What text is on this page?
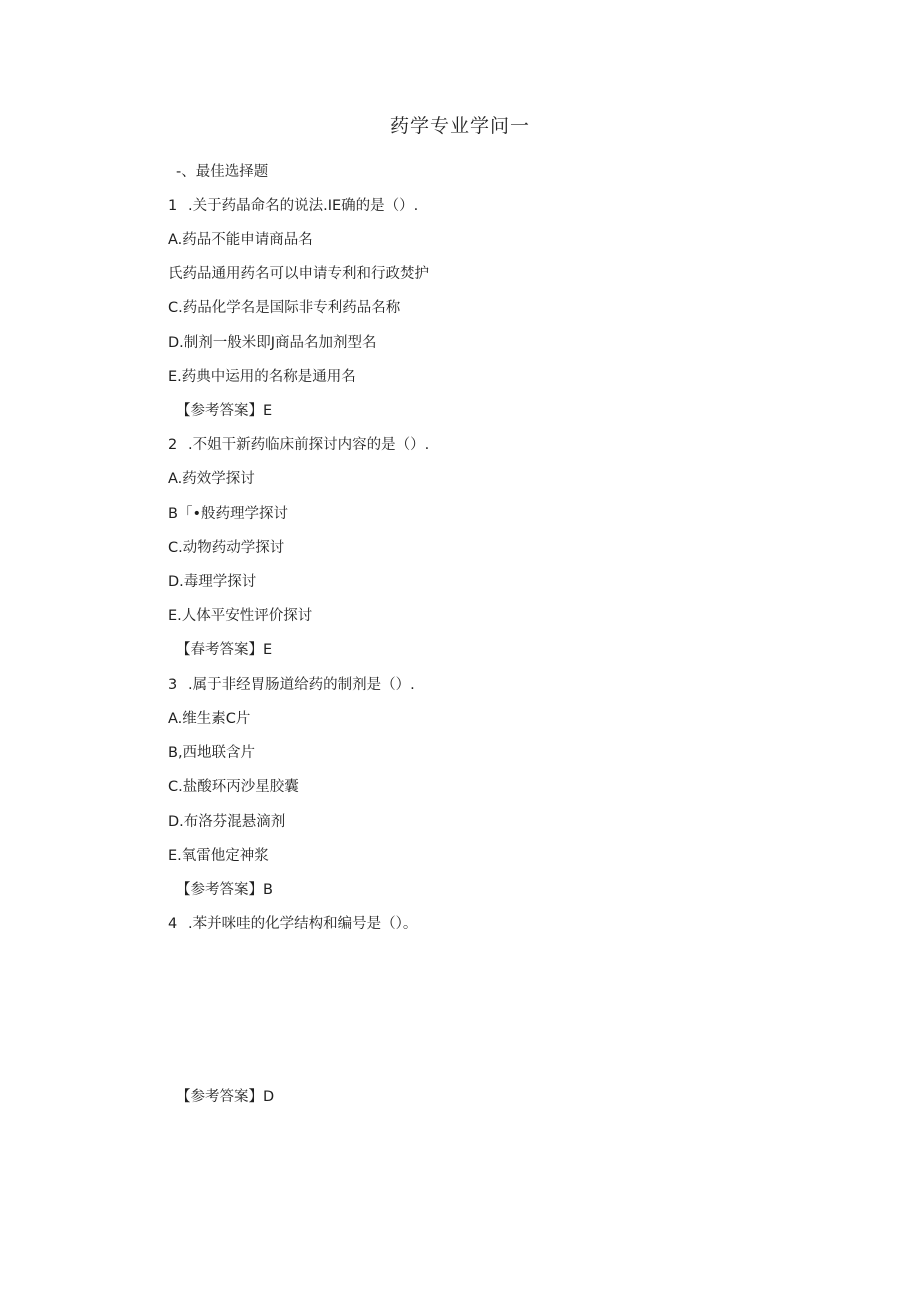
药学专业学问一
-、最佳选择题
1 .关于药晶命名的说法.IE确的是（）.
A.药品不能申请商品名
氏药品通用药名可以申请专利和行政焚护
C.药品化学名是国际非专利药品名称
D.制剂一般米即J商品名加剂型名
E.药典中运用的名称是通用名
【参考答案】E
2 .不姐干新药临床前探讨内容的是（）.
A.药效学探讨
B「•般药理学探讨
C.动物药动学探讨
D.毒理学探讨
E.人体平安性评价探讨
【春考答案】E
3 .属于非经胃肠道给药的制剂是（）.
A.维生素C片
B,西地联含片
C.盐酸环丙沙星胶囊
D.布洛芬混悬滴剂
E.氧雷他定神浆
【参考答案】B
4 .苯并咪哇的化学结构和编号是（）。
【参考答案】D
